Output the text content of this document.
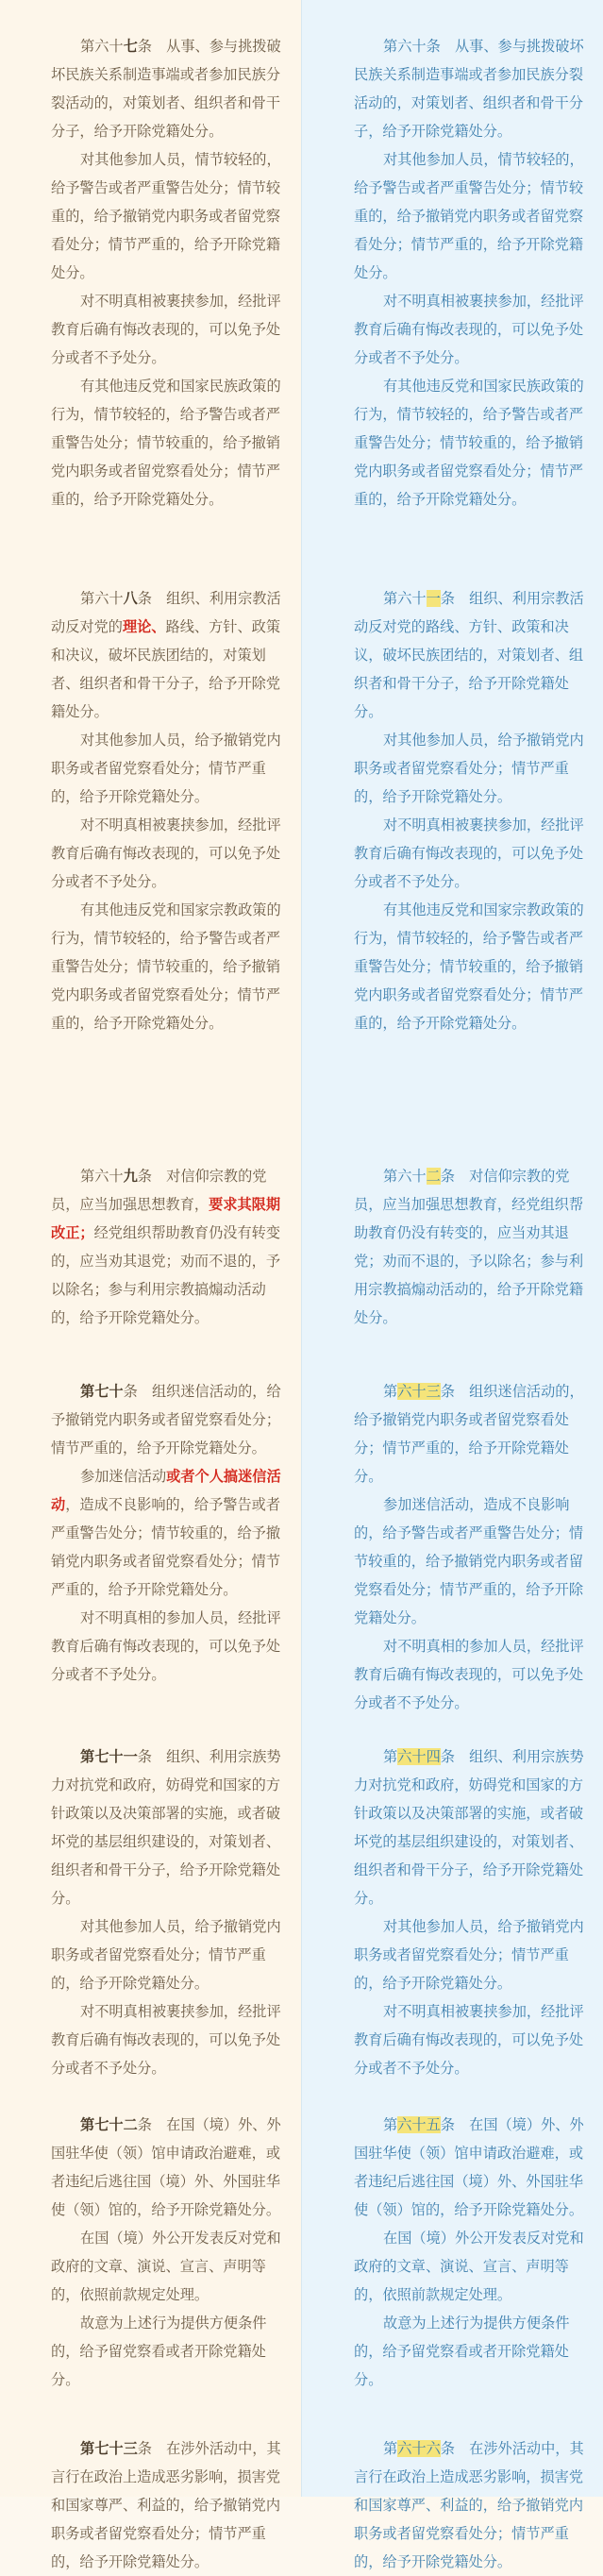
第六十七条　从事、参与挑拨破坏民族关系制造事端或者参加民族分裂活动的，对策划者、组织者和骨干分子，给予开除党籍处分。

对其他参加人员，情节较轻的，给予警告或者严重警告处分；情节较重的，给予撤销党内职务或者留党察看处分；情节严重的，给予开除党籍处分。

对不明真相被裹挟参加，经批评教育后确有悔改表现的，可以免予处分或者不予处分。

有其他违反党和国家民族政策的行为，情节较轻的，给予警告或者严重警告处分；情节较重的，给予撤销党内职务或者留党察看处分；情节严重的，给予开除党籍处分。

第六十八条　组织、利用宗教活动反对党的理论、路线、方针、政策和决议，破坏民族团结的，对策划者、组织者和骨干分子，给予开除党籍处分。

对其他参加人员，给予撤销党内职务或者留党察看处分；情节严重的，给予开除党籍处分。

对不明真相被裹挟参加，经批评教育后确有悔改表现的，可以免予处分或者不予处分。

有其他违反党和国家宗教政策的行为，情节较轻的，给予警告或者严重警告处分；情节较重的，给予撤销党内职务或者留党察看处分；情节严重的，给予开除党籍处分。

第六十九条　对信仰宗教的党员，应当加强思想教育，要求其限期改正；经党组织帮助教育仍没有转变的，应当劝其退党；劝而不退的，予以除名；参与利用宗教搞煽动活动的，给予开除党籍处分。

第七十条　组织迷信活动的，给予撤销党内职务或者留党察看处分；情节严重的，给予开除党籍处分。

参加迷信活动或者个人搞迷信活动，造成不良影响的，给予警告或者严重警告处分；情节较重的，给予撤销党内职务或者留党察看处分；情节严重的，给予开除党籍处分。

对不明真相的参加人员，经批评教育后确有悔改表现的，可以免予处分或者不予处分。

第七十一条　组织、利用宗族势力对抗党和政府，妨碍党和国家的方针政策以及决策部署的实施，或者破坏党的基层组织建设的，对策划者、组织者和骨干分子，给予开除党籍处分。

对其他参加人员，给予撤销党内职务或者留党察看处分；情节严重的，给予开除党籍处分。

对不明真相被裹挟参加，经批评教育后确有悔改表现的，可以免予处分或者不予处分。

第七十二条　在国（境）外、外国驻华使（领）馆申请政治避难，或者违纪后逃往国（境）外、外国驻华使（领）馆的，给予开除党籍处分。

在国（境）外公开发表反对党和政府的文章、演说、宣言、声明等的，依照前款规定处理。

故意为上述行为提供方便条件的，给予留党察看或者开除党籍处分。

第七十三条　在涉外活动中，其言行在政治上造成恶劣影响，损害党和国家尊严、利益的，给予撤销党内职务或者留党察看处分；情节严重的，给予开除党籍处分。

第六十条　从事、参与挑拨破坏民族关系制造事端或者参加民族分裂活动的，对策划者、组织者和骨干分子，给予开除党籍处分。

对其他参加人员，情节较轻的，给予警告或者严重警告处分；情节较重的，给予撤销党内职务或者留党察看处分；情节严重的，给予开除党籍处分。

对不明真相被裹挟参加，经批评教育后确有悔改表现的，可以免予处分或者不予处分。

有其他违反党和国家民族政策的行为，情节较轻的，给予警告或者严重警告处分；情节较重的，给予撤销党内职务或者留党察看处分；情节严重的，给予开除党籍处分。

第六十一条　组织、利用宗教活动反对党的路线、方针、政策和决议，破坏民族团结的，对策划者、组织者和骨干分子，给予开除党籍处分。

对其他参加人员，给予撤销党内职务或者留党察看处分；情节严重的，给予开除党籍处分。

对不明真相被裹挟参加，经批评教育后确有悔改表现的，可以免予处分或者不予处分。

有其他违反党和国家宗教政策的行为，情节较轻的，给予警告或者严重警告处分；情节较重的，给予撤销党内职务或者留党察看处分；情节严重的，给予开除党籍处分。

第六十二条　对信仰宗教的党员，应当加强思想教育，经党组织帮助教育仍没有转变的，应当劝其退党；劝而不退的，予以除名；参与利用宗教搞煽动活动的，给予开除党籍处分。

第六十三条　组织迷信活动的，给予撤销党内职务或者留党察看处分；情节严重的，给予开除党籍处分。

参加迷信活动，造成不良影响的，给予警告或者严重警告处分；情节较重的，给予撤销党内职务或者留党察看处分；情节严重的，给予开除党籍处分。

对不明真相的参加人员，经批评教育后确有悔改表现的，可以免予处分或者不予处分。

第六十四条　组织、利用宗族势力对抗党和政府，妨碍党和国家的方针政策以及决策部署的实施，或者破坏党的基层组织建设的，对策划者、组织者和骨干分子，给予开除党籍处分。

对其他参加人员，给予撤销党内职务或者留党察看处分；情节严重的，给予开除党籍处分。

对不明真相被裹挟参加，经批评教育后确有悔改表现的，可以免予处分或者不予处分。

第六十五条　在国（境）外、外国驻华使（领）馆申请政治避难，或者违纪后逃往国（境）外、外国驻华使（领）馆的，给予开除党籍处分。

在国（境）外公开发表反对党和政府的文章、演说、宣言、声明等的，依照前款规定处理。

故意为上述行为提供方便条件的，给予留党察看或者开除党籍处分。

第六十六条　在涉外活动中，其言行在政治上造成恶劣影响，损害党和国家尊严、利益的，给予撤销党内职务或者留党察看处分；情节严重的，给予开除党籍处分。
